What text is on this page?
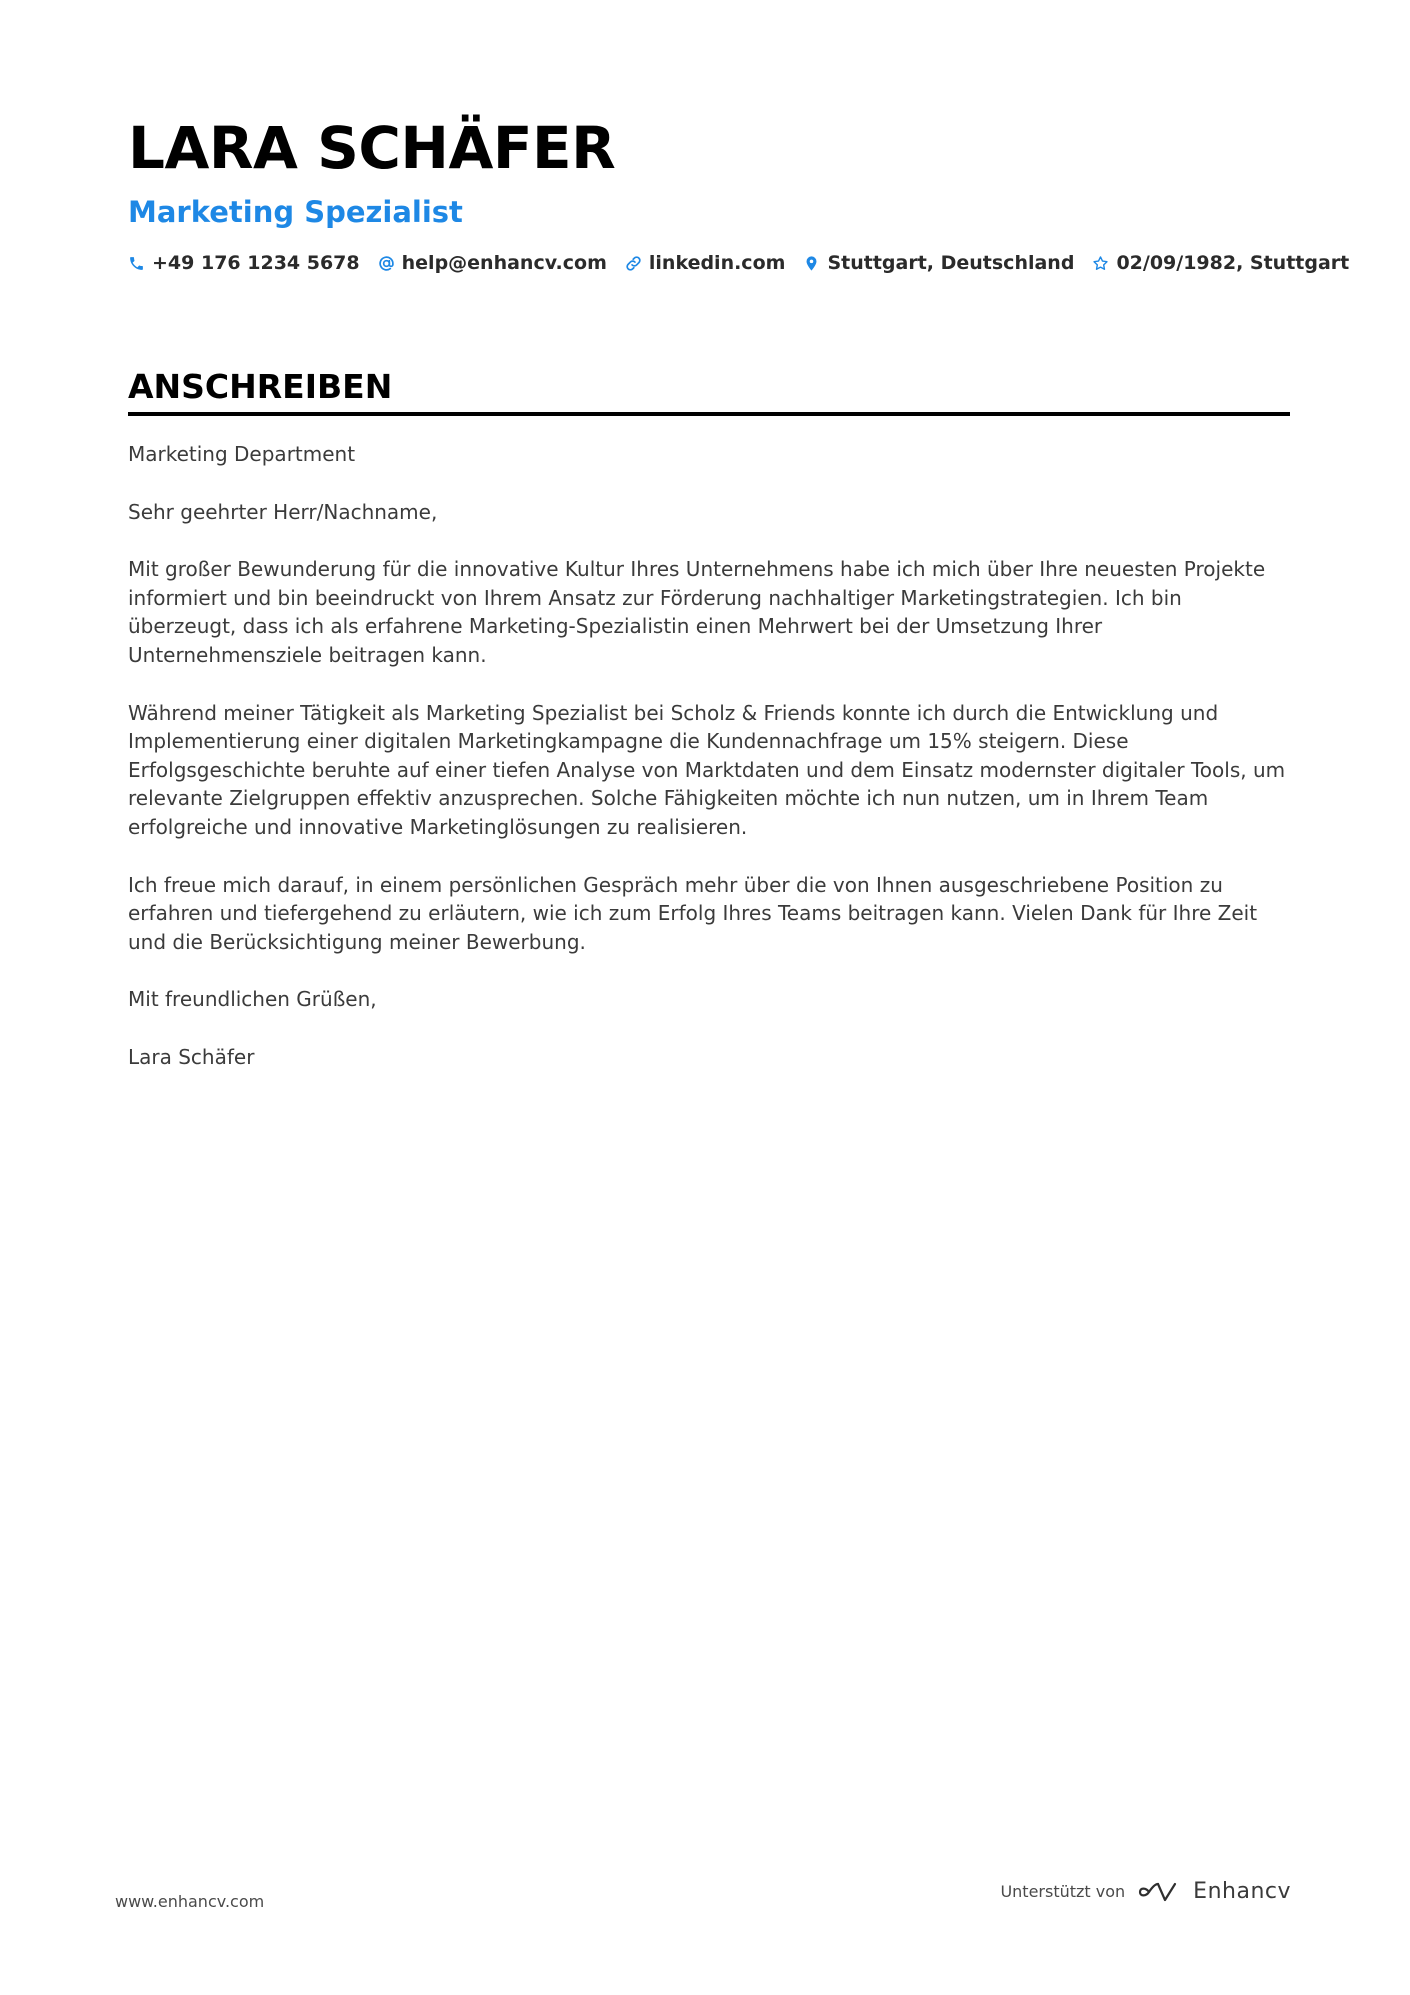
LARA SCHÄFER
Marketing Spezialist
+49 176 1234 5678 help@enhancv.com linkedin.com Stuttgart, Deutschland 02/09/1982, Stuttgart
ANSCHREIBEN

Marketing Department

Sehr geehrter Herr/Nachname,

Mit großer Bewunderung für die innovative Kultur Ihres Unternehmens habe ich mich über Ihre neuesten Projekte informiert und bin beeindruckt von Ihrem Ansatz zur Förderung nachhaltiger Marketingstrategien. Ich bin überzeugt, dass ich als erfahrene Marketing-Spezialistin einen Mehrwert bei der Umsetzung Ihrer Unternehmensziele beitragen kann.

Während meiner Tätigkeit als Marketing Spezialist bei Scholz & Friends konnte ich durch die Entwicklung und Implementierung einer digitalen Marketingkampagne die Kundennachfrage um 15% steigern. Diese Erfolgsgeschichte beruhte auf einer tiefen Analyse von Marktdaten und dem Einsatz modernster digitaler Tools, um relevante Zielgruppen effektiv anzusprechen. Solche Fähigkeiten möchte ich nun nutzen, um in Ihrem Team erfolgreiche und innovative Marketinglösungen zu realisieren.

Ich freue mich darauf, in einem persönlichen Gespräch mehr über die von Ihnen ausgeschriebene Position zu erfahren und tiefergehend zu erläutern, wie ich zum Erfolg Ihres Teams beitragen kann. Vielen Dank für Ihre Zeit und die Berücksichtigung meiner Bewerbung.

Mit freundlichen Grüßen,

Lara Schäfer

www.enhancv.com
Unterstützt von	Enhancv
